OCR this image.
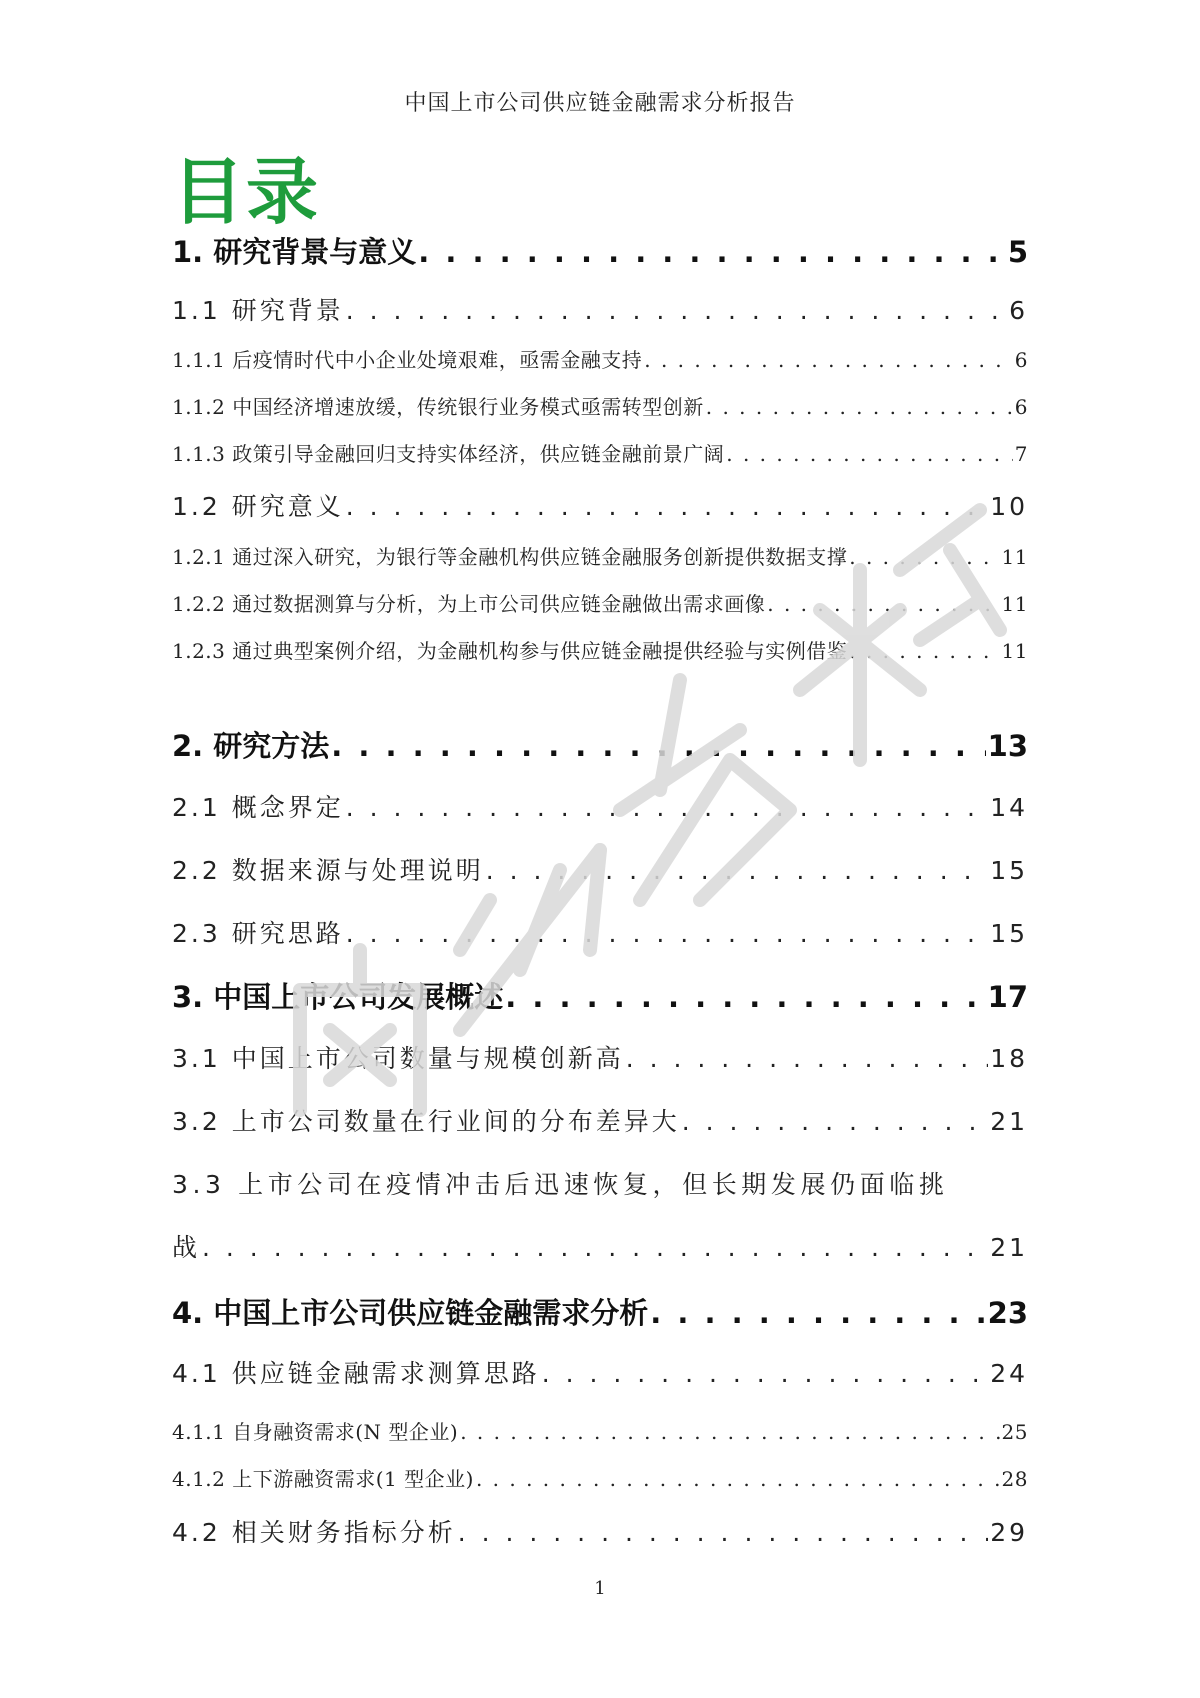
中国上市公司供应链金融需求分析报告
目录
1. 研究背景与意义 . . .	5
1.1 研究背景 . . .	6
1.1.1 后疫情时代中小企业处境艰难，亟需金融支持 . . .	6
1.1.2 中国经济增速放缓，传统银行业务模式亟需转型创新 . . .	6
1.1.3 政策引导金融回归支持实体经济，供应链金融前景广阔 . . .	7
1.2 研究意义 . . .	10
1.2.1 通过深入研究，为银行等金融机构供应链金融服务创新提供数据支撑 . . .	11
1.2.2 通过数据测算与分析，为上市公司供应链金融做出需求画像 . . .	11
1.2.3 通过典型案例介绍，为金融机构参与供应链金融提供经验与实例借鉴 . . .	11
2. 研究方法 . . .	13
2.1 概念界定 . . .	14
2.2 数据来源与处理说明 . . .	15
2.3 研究思路 . . .	15
3. 中国上市公司发展概述 . . .	17
3.1 中国上市公司数量与规模创新高 . . .	18
3.2 上市公司数量在行业间的分布差异大 . . .	21
3.3 上市公司在疫情冲击后迅速恢复，但长期发展仍面临挑
战 . . .	21
4. 中国上市公司供应链金融需求分析 . . .	23
4.1 供应链金融需求测算思路 . . .	24
4.1.1 自身融资需求(N 型企业) . . .	25
4.1.2 上下游融资需求(1 型企业) . . .	28
4.2 相关财务指标分析 . . .	29
1
